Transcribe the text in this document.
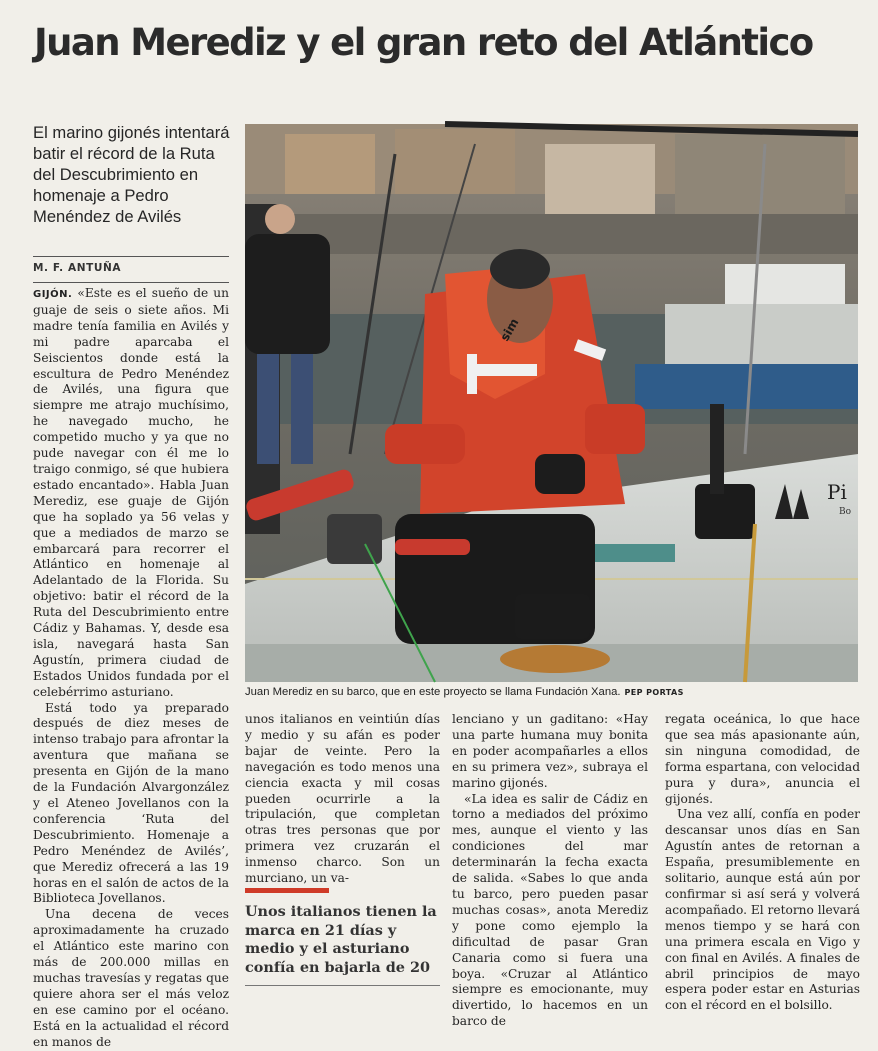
Juan Merediz y el gran reto del Atlántico
El marino gijonés intentará batir el récord de la Ruta del Descubrimiento en homenaje a Pedro Menéndez de Avilés
M. F. ANTUÑA

GIJÓN. «Este es el sueño de un guaje de seis o siete años. Mi madre tenía familia en Avilés y mi padre aparcaba el Seiscientos donde está la escultura de Pedro Menéndez de Avilés, una figura que siempre me atrajo muchísimo, he navegado mucho, he competido mucho y ya que no pude navegar con él me lo traigo conmigo, sé que hubiera estado encantado». Habla Juan Merediz, ese guaje de Gijón que ha soplado ya 56 velas y que a mediados de marzo se embarcará para recorrer el Atlántico en homenaje al Adelantado de la Florida. Su objetivo: batir el récord de la Ruta del Descubrimiento entre Cádiz y Bahamas. Y, desde esa isla, navegará hasta San Agustín, primera ciudad de Estados Unidos fundada por el celebérrimo asturiano.

Está todo ya preparado después de diez meses de intenso trabajo para afrontar la aventura que mañana se presenta en Gijón de la mano de la Fundación Alvargonzález y el Ateneo Jovellanos con la conferencia ‘Ruta del Descubrimiento. Homenaje a Pedro Menéndez de Avilés’, que Merediz ofrecerá a las 19 horas en el salón de actos de la Biblioteca Jovellanos.

Una decena de veces aproximadamente ha cruzado el Atlántico este marino con más de 200.000 millas en muchas travesías y regatas que quiere ahora ser el más veloz en ese camino por el océano. Está en la actualidad el récord en manos de

Pi
Bo
sim
Juan Merediz en su barco, que en este proyecto se llama Fundación Xana. PEP PORTAS

unos italianos en veintiún días y medio y su afán es poder bajar de veinte. Pero la navegación es todo menos una ciencia exacta y mil cosas pueden ocurrirle a la tripulación, que completan otras tres personas que por primera vez cruzarán el inmenso charco. Son un murciano, un va-

Unos italianos tienen la marca en 21 días y medio y el asturiano confía en bajarla de 20

lenciano y un gaditano: «Hay una parte humana muy bonita en poder acompañarles a ellos en su primera vez», subraya el marino gijonés.

«La idea es salir de Cádiz en torno a mediados del próximo mes, aunque el viento y las condiciones del mar determinarán la fecha exacta de salida. «Sabes lo que anda tu barco, pero pueden pasar muchas cosas», anota Merediz y pone como ejemplo la dificultad de pasar Gran Canaria como si fuera una boya. «Cruzar al Atlántico siempre es emocionante, muy divertido, lo hacemos en un barco de

regata oceánica, lo que hace que sea más apasionante aún, sin ninguna comodidad, de forma espartana, con velocidad pura y dura», anuncia el gijonés.

Una vez allí, confía en poder descansar unos días en San Agustín antes de retornan a España, presumiblemente en solitario, aunque está aún por confirmar si así será y volverá acompañado. El retorno llevará menos tiempo y se hará con una primera escala en Vigo y con final en Avilés. A finales de abril principios de mayo espera poder estar en Asturias con el récord en el bolsillo.
